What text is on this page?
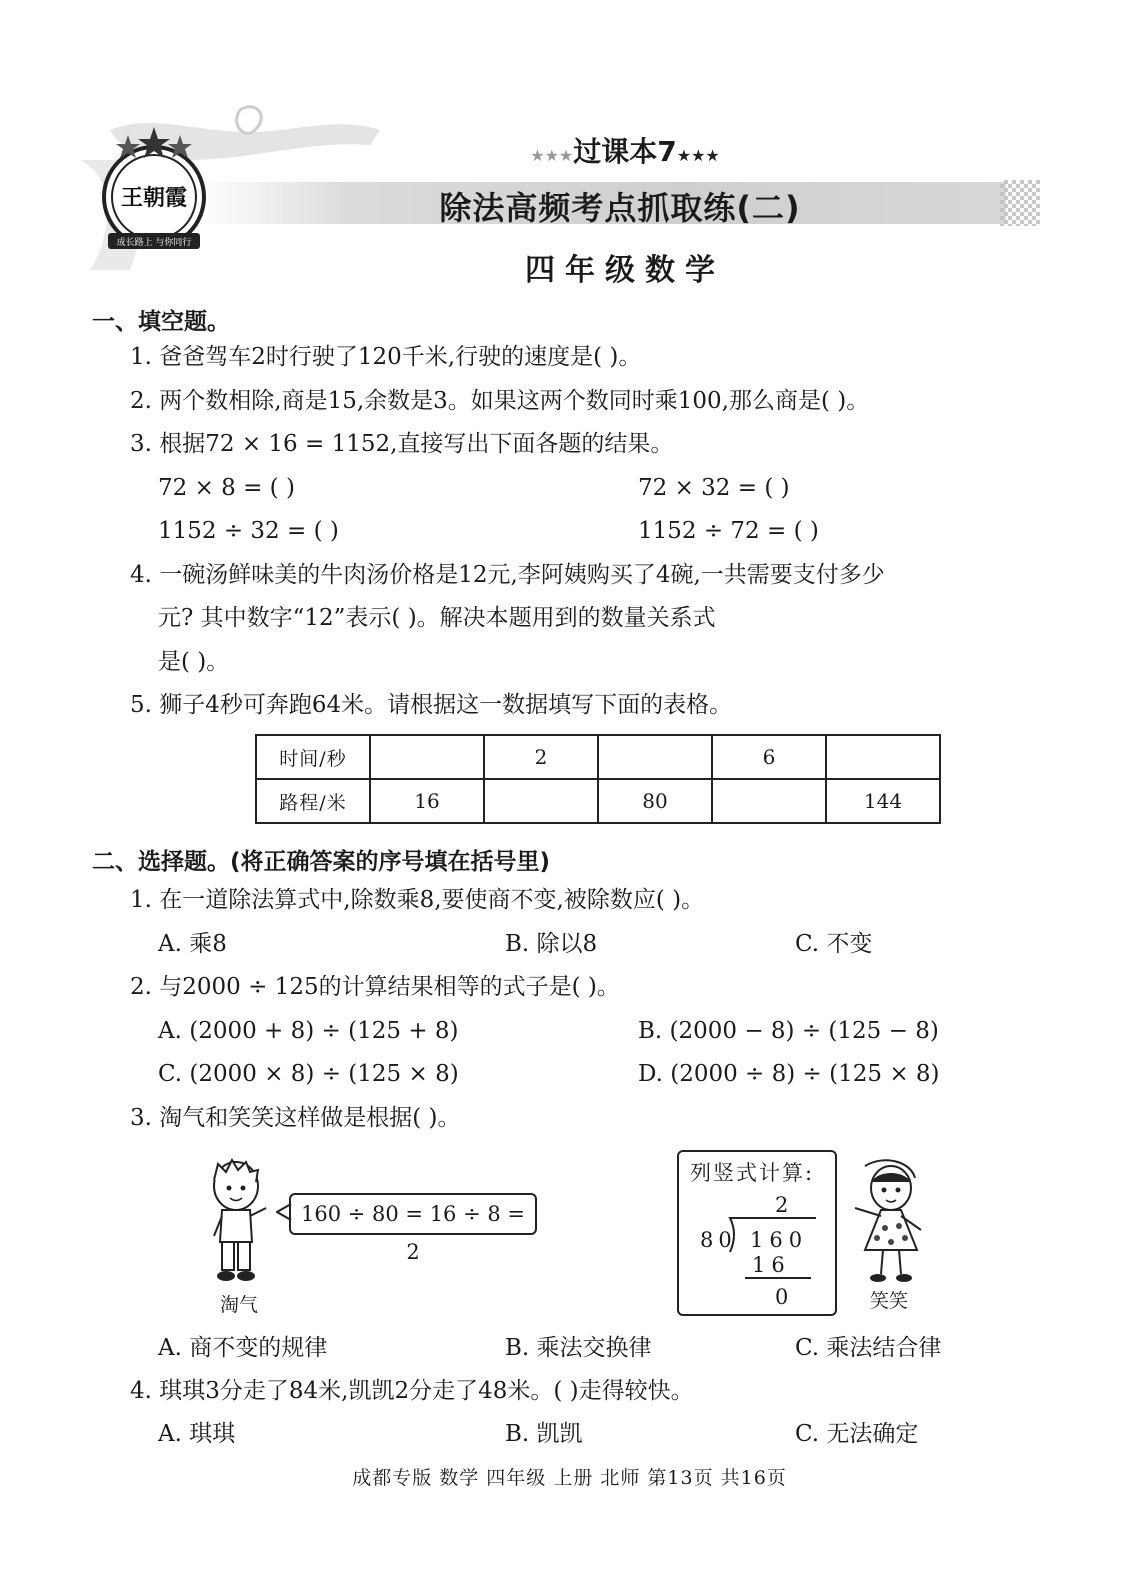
成长路上 与你同行
王朝霞
★★★过课本7★★★
除法高频考点抓取练(二)
四年级数学
一、填空题。
1. 爸爸驾车2时行驶了120千米,行驶的速度是( )。
2. 两个数相除,商是15,余数是3。如果这两个数同时乘100,那么商是( )。
3. 根据72 × 16 = 1152,直接写出下面各题的结果。
72 × 8 = ( )	72 × 32 = ( )
1152 ÷ 32 = ( )	1152 ÷ 72 = ( )
4. 一碗汤鲜味美的牛肉汤价格是12元,李阿姨购买了4碗,一共需要支付多少
元? 其中数字“12”表示( )。解决本题用到的数量关系式
是( )。
5. 狮子4秒可奔跑64米。请根据这一数据填写下面的表格。
时间/秒		2		6	
路程/米	16		80		144
二、选择题。(将正确答案的序号填在括号里)
1. 在一道除法算式中,除数乘8,要使商不变,被除数应( )。
A. 乘8	B. 除以8	C. 不变
2. 与2000 ÷ 125的计算结果相等的式子是( )。
A. (2000 + 8) ÷ (125 + 8)	B. (2000 − 8) ÷ (125 − 8)
C. (2000 × 8) ÷ (125 × 8)	D. (2000 ÷ 8) ÷ (125 × 8)
3. 淘气和笑笑这样做是根据( )。
淘气
160 ÷ 80 = 16 ÷ 8 = 2
列竖式计算:
2
80 160
16
0	笑笑
A. 商不变的规律	B. 乘法交换律	C. 乘法结合律
4. 琪琪3分走了84米,凯凯2分走了48米。( )走得较快。
A. 琪琪	B. 凯凯	C. 无法确定
成都专版 数学 四年级 上册 北师 第13页 共16页
